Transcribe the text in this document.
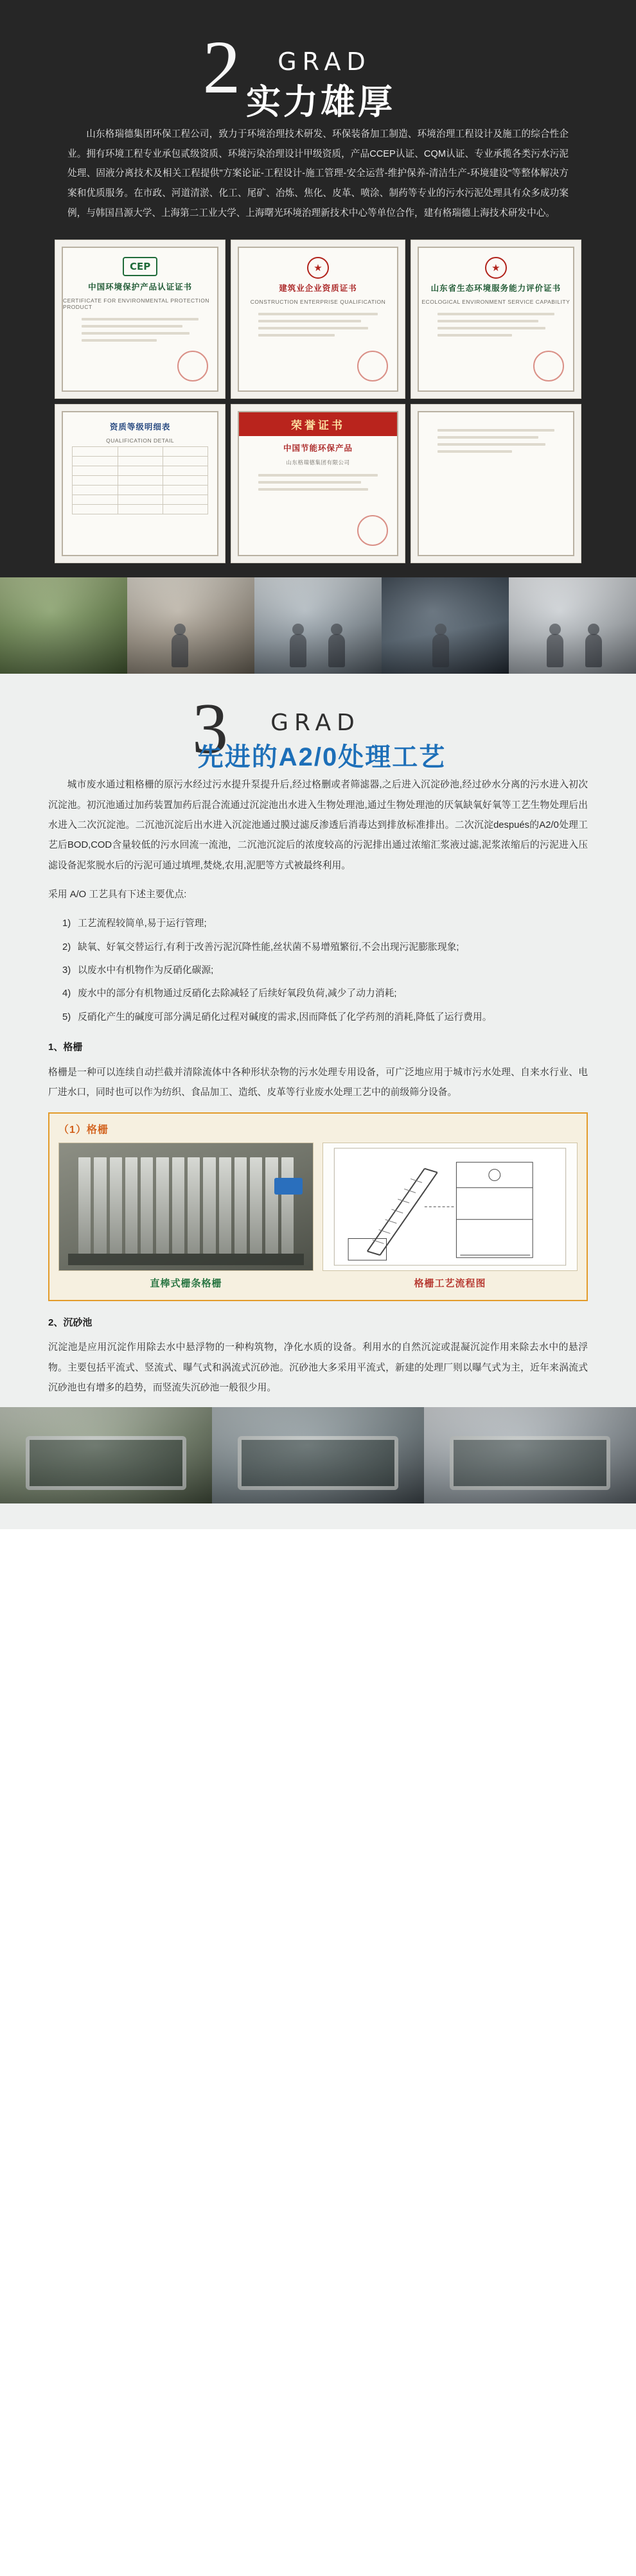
2 GRAD
实力雄厚
山东格瑞德集团环保工程公司，致力于环境治理技术研发、环保装备加工制造、环境治理工程设计及施工的综合性企业。拥有环境工程专业承包贰级资质、环境污染治理设计甲级资质，产品CCEP认证、CQM认证、专业承揽各类污水污泥处理、固液分离技术及相关工程提供"方案论证-工程设计-施工管理-安全运营-维护保养-清洁生产-环境建设"等整体解决方案和优质服务。在市政、河道清淤、化工、尾矿、冶炼、焦化、皮革、喷涂、制药等专业的污水污泥处理具有众多成功案例，与韩国昌源大学、上海第二工业大学、上海曙光环境治理新技术中心等单位合作，建有格瑞德上海技术研发中心。
CEP
中国环境保护产品认证证书
CERTIFICATE FOR ENVIRONMENTAL PROTECTION PRODUCT
★
建筑业企业资质证书
CONSTRUCTION ENTERPRISE QUALIFICATION
★
山东省生态环境服务能力评价证书
ECOLOGICAL ENVIRONMENT SERVICE CAPABILITY
资质等级明细表
QUALIFICATION DETAIL

荣誉证书
中国节能环保产品
山东格瑞德集团有限公司
3 GRAD
先进的A2/0处理工艺

城市废水通过粗格栅的原污水经过污水提升泵提升后,经过格删或者筛滤器,之后进入沉淀砂池,经过砂水分离的污水进入初次沉淀池。初沉池通过加药装置加药后混合流通过沉淀池出水进入生物处理池,通过生物处理池的厌氧缺氧好氧等工艺生物处理后出水进入二次沉淀池。二沉池沉淀后出水进入沉淀池通过膜过滤反渗透后消毒达到排放标准排出。二次沉淀después的A2/0处理工艺后BOD,COD含量较低的污水回流一流池，二沉池沉淀后的浓度较高的污泥排出通过浓缩汇浆液过滤,泥浆浓缩后的污泥进入压滤设备泥浆脱水后的污泥可通过填埋,焚烧,农用,泥肥等方式被最终利用。

采用 A/O 工艺具有下述主要优点:

工艺流程较简单,易于运行管理;
缺氧、好氧交替运行,有利于改善污泥沉降性能,丝状菌不易增殖繁衍,不会出现污泥膨胀现象;
以废水中有机物作为反硝化碳源;
废水中的部分有机物通过反硝化去除减轻了后续好氧段负荷,减少了动力消耗;
反硝化产生的碱度可部分满足硝化过程对碱度的需求,因而降低了化学药剂的消耗,降低了运行费用。
1、格栅

格栅是一种可以连续自动拦截并清除流体中各种形状杂物的污水处理专用设备，可广泛地应用于城市污水处理、自来水行业、电厂进水口，同时也可以作为纺织、食品加工、造纸、皮革等行业废水处理工艺中的前级筛分设备。

（1）格栅
直棒式栅条格栅	格栅工艺流程图
2、沉砂池

沉淀池是应用沉淀作用除去水中悬浮物的一种构筑物，净化水质的设备。利用水的自然沉淀或混凝沉淀作用来除去水中的悬浮物。主要包括平流式、竖流式、曝气式和涡流式沉砂池。沉砂池大多采用平流式，新建的处理厂则以曝气式为主，近年来涡流式沉砂池也有增多的趋势，而竖流失沉砂池一般很少用。
